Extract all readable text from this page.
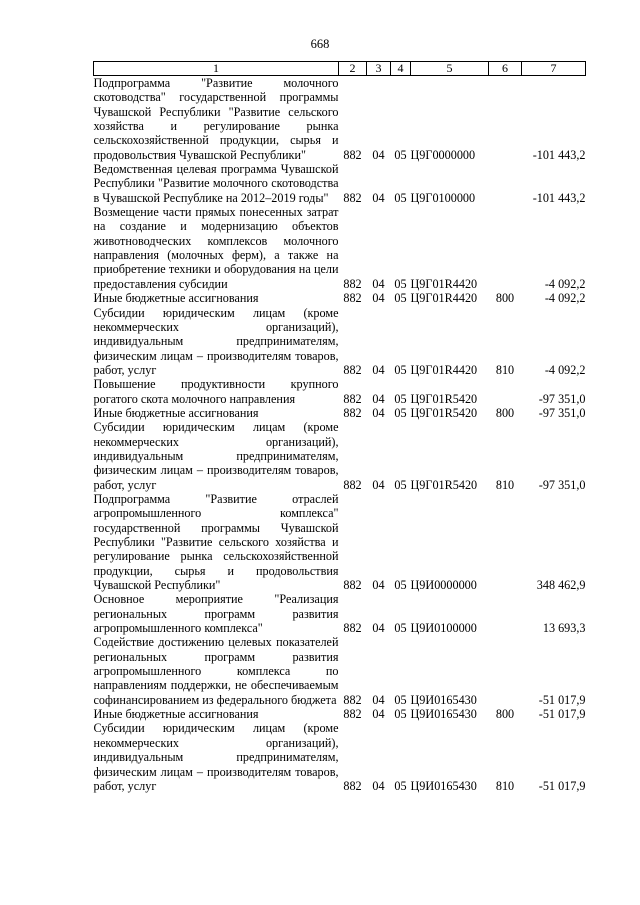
668
1	2	3	4	5	6	7
Подпрограмма "Развитие молочного скотоводства" государственной программы Чувашской Республики "Развитие сельского хозяйства и регулирование рынка сельскохозяйственной продукции, сырья и продовольствия Чувашской Республики"	882	04	05	Ц9Г0000000		-101 443,2
Ведомственная целевая программа Чувашской Республики "Развитие молочного скотоводства в Чувашской Республике на 2012–2019 годы"	882	04	05	Ц9Г0100000		-101 443,2
Возмещение части прямых понесенных затрат на создание и модернизацию объектов животноводческих комплексов молочного направления (молочных ферм), а также на приобретение техники и оборудования на цели предоставления субсидии	882	04	05	Ц9Г01R4420		-4 092,2
Иные бюджетные ассигнования	882	04	05	Ц9Г01R4420	800	-4 092,2
Субсидии юридическим лицам (кроме некоммерческих организаций), индивидуальным предпринимателям, физическим лицам – производителям товаров, работ, услуг	882	04	05	Ц9Г01R4420	810	-4 092,2
Повышение продуктивности крупного рогатого скота молочного направления	882	04	05	Ц9Г01R5420		-97 351,0
Иные бюджетные ассигнования	882	04	05	Ц9Г01R5420	800	-97 351,0
Субсидии юридическим лицам (кроме некоммерческих организаций), индивидуальным предпринимателям, физическим лицам – производителям товаров, работ, услуг	882	04	05	Ц9Г01R5420	810	-97 351,0
Подпрограмма "Развитие отраслей агропромышленного комплекса" государственной программы Чувашской Республики "Развитие сельского хозяйства и регулирование рынка сельскохозяйственной продукции, сырья и продовольствия Чувашской Республики"	882	04	05	Ц9И0000000		348 462,9
Основное мероприятие "Реализация региональных программ развития агропромышленного комплекса"	882	04	05	Ц9И0100000		13 693,3
Содействие достижению целевых показателей региональных программ развития агропромышленного комплекса по направлениям поддержки, не обеспечиваемым софинансированием из федерального бюджета	882	04	05	Ц9И0165430		-51 017,9
Иные бюджетные ассигнования	882	04	05	Ц9И0165430	800	-51 017,9
Субсидии юридическим лицам (кроме некоммерческих организаций), индивидуальным предпринимателям, физическим лицам – производителям товаров, работ, услуг	882	04	05	Ц9И0165430	810	-51 017,9
